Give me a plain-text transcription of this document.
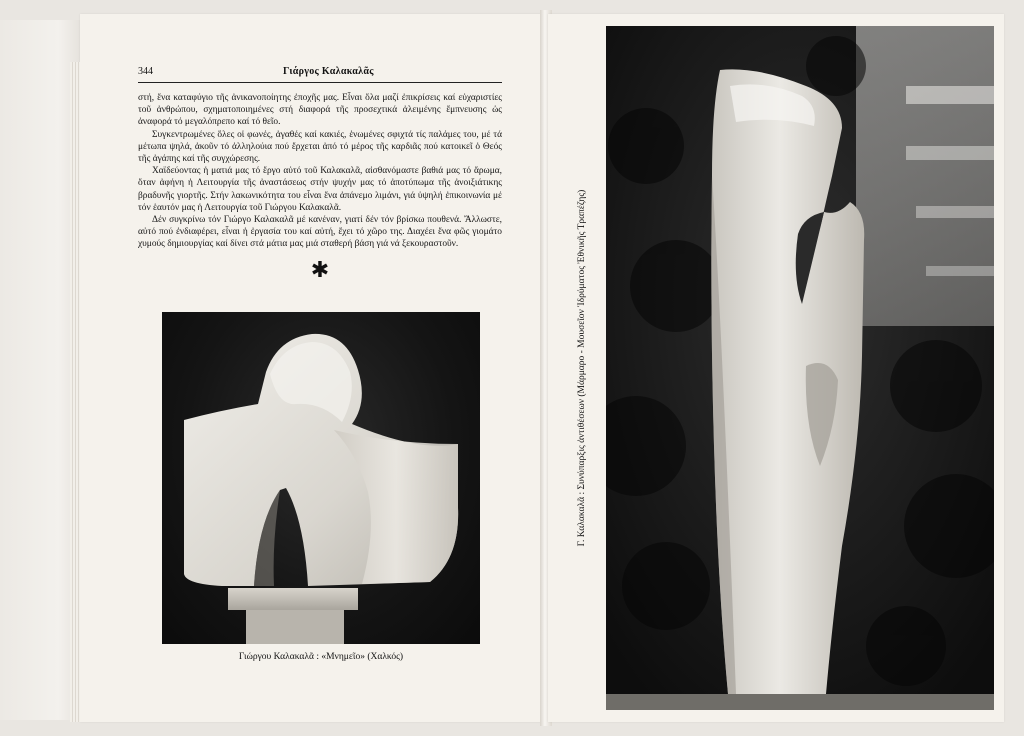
344	Γιάργος Καλακαλᾶς

στή, ἕνα καταφύγιο τῆς ἀνικανοποίητης ἐποχῆς μας. Εἶναι ὅλα μαζί ἐπικρίσεις καί εὐχαριστίες τοῦ ἀνθρώπου, σχηματοποιημένες στή διαφορά τῆς προσεχτικά ἀλειμένης ἔμπνευσης ὡς ἀναφορά τό μεγαλόπρεπο καί τό θεῖο.

Συγκεντρωμένες ὅλες οἱ φωνές, ἀγαθές καί κακιές, ἑνωμένες σφιχτά τίς παλάμες του, μέ τά μέτωπα ψηλά, ἀκοῦν τό ἀλληλούια πού ἔρχεται ἀπό τό μέρος τῆς καρδιᾶς πού κατοικεῖ ὁ Θεός τῆς ἀγάπης καί τῆς συγχώρεσης.

Χαϊδεύοντας ἡ ματιά μας τό ἔργο αὐτό τοῦ Καλακαλᾶ, αἰσθανόμαστε βαθιά μας τό ἄρωμα, ὅταν ἀφήνη ἡ Λειτουργία τῆς ἀναστάσεως στήν ψυχήν μας τό ἀποτύπωμα τῆς ἀνοιξιάτικης βραδυνῆς γιορτῆς. Στήν λακωνικότητα του εἶναι ἕνα ἀπάνεμο λιμάνι, γιά ὑψηλή ἐπικοινωνία μέ τόν ἑαυτόν μας ἡ Λειτουργία τοῦ Γιώργου Καλακαλᾶ.

Δέν συγκρίνω τόν Γιώργο Καλακαλᾶ μέ κανέναν, γιατί δέν τόν βρίσκω πουθενά. Ἄλλωστε, αὐτό πού ἐνδιαφέρει, εἶναι ἡ ἐργασία του καί αὐτή, ἔχει τό χῶρο της. Διαχέει ἕνα φῶς γιομάτο χυμούς δημιουργίας καί δίνει στά μάτια μας μιά σταθερή βάση γιά νά ξεκουραστοῦν.

✱
Γιώργου Καλακαλᾶ : «Μνημεῖο» (Χαλκός)
Γ. Καλακαλᾶ : Συνύπαρξις ἀντιθέσεων (Μάρμαρο - Μουσεῖον Ἱδρύματος Ἐθνικῆς Τραπέζης)
